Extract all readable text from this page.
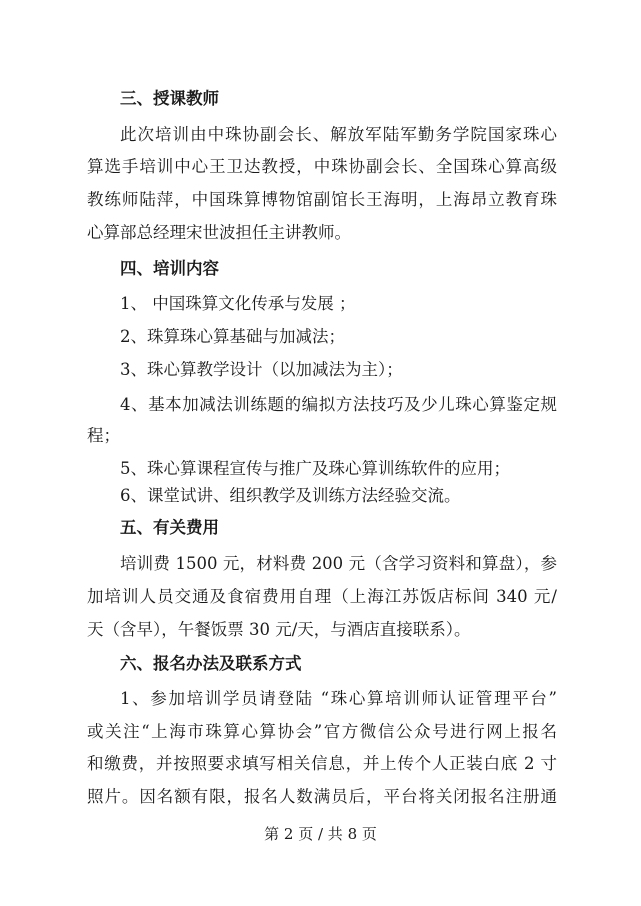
三、授课教师
此次培训由中珠协副会长、解放军陆军勤务学院国家珠心
算选手培训中心王卫达教授，中珠协副会长、全国珠心算高级
教练师陆萍，中国珠算博物馆副馆长王海明，上海昂立教育珠
心算部总经理宋世波担任主讲教师。
四、培训内容
1、 中国珠算文化传承与发展 ；
2、珠算珠心算基础与加减法；
3、珠心算教学设计（以加减法为主）；
4、基本加减法训练题的编拟方法技巧及少儿珠心算鉴定规
程；
5、珠心算课程宣传与推广及珠心算训练软件的应用；
6、课堂试讲、组织教学及训练方法经验交流。
五、有关费用
培训费 1500 元，材料费 200 元（含学习资料和算盘），参
加培训人员交通及食宿费用自理（上海江苏饭店标间 340 元/
天（含早），午餐饭票 30 元/天，与酒店直接联系）。
六、报名办法及联系方式
1、参加培训学员请登陆 “珠心算培训师认证管理平台”
或关注“上海市珠算心算协会”官方微信公众号进行网上报名
和缴费，并按照要求填写相关信息，并上传个人正装白底 2 寸
照片。因名额有限，报名人数满员后，平台将关闭报名注册通
第 2 页 / 共 8 页
